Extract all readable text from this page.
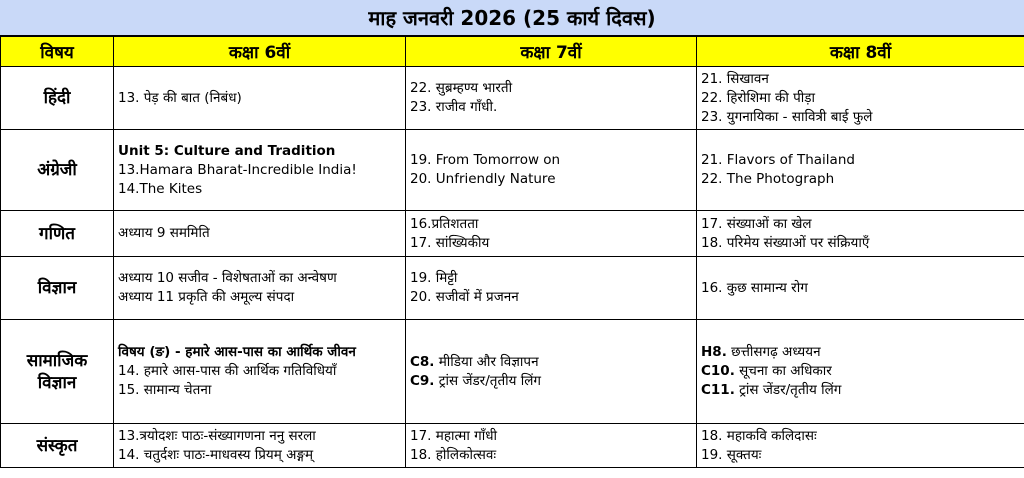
माह जनवरी 2026 (25 कार्य दिवस)
विषय	कक्षा 6वीं	कक्षा 7वीं	कक्षा 8वीं
हिंदी	13. पेड़ की बात (निबंध)	22. सुब्रम्हण्य भारती
23. राजीव गाँधी.	21. सिखावन
22. हिरोशिमा की पीड़ा
23. युगनायिका - सावित्री बाई फुले

अंग्रेजी	Unit 5: Culture and Tradition
13.Hamara Bharat-Incredible India!
14.The Kites	19. From Tomorrow on
20. Unfriendly Nature	21. Flavors of Thailand
22. The Photograph

गणित	अध्याय 9 सममिति	16.प्रतिशतता
17. सांख्यिकीय	17. संख्याओं का खेल
18. परिमेय संख्याओं पर संक्रियाएँ

विज्ञान	अध्याय 10 सजीव - विशेषताओं का अन्वेषण
अध्याय 11 प्रकृति की अमूल्य संपदा	19. मिट्टी
20. सजीवों में प्रजनन	16. कुछ सामान्य रोग

सामाजिक
विज्ञान	विषय (ङ) - हमारे आस-पास का आर्थिक जीवन
14. हमारे आस-पास की आर्थिक गतिविधियाँ
15. सामान्य चेतना	C8. मीडिया और विज्ञापन
C9. ट्रांस जेंडर/तृतीय लिंग	H8. छत्तीसगढ़ अध्ययन
C10. सूचना का अधिकार
C11. ट्रांस जेंडर/तृतीय लिंग

संस्कृत	13.त्रयोदशः पाठः-संख्यागणना ननु सरला
14. चतुर्दशः पाठः-माधवस्य प्रियम् अङ्गम्	17. महात्मा गाँधी
18. होलिकोत्सवः	18. महाकवि कलिदासः
19. सूक्तयः
